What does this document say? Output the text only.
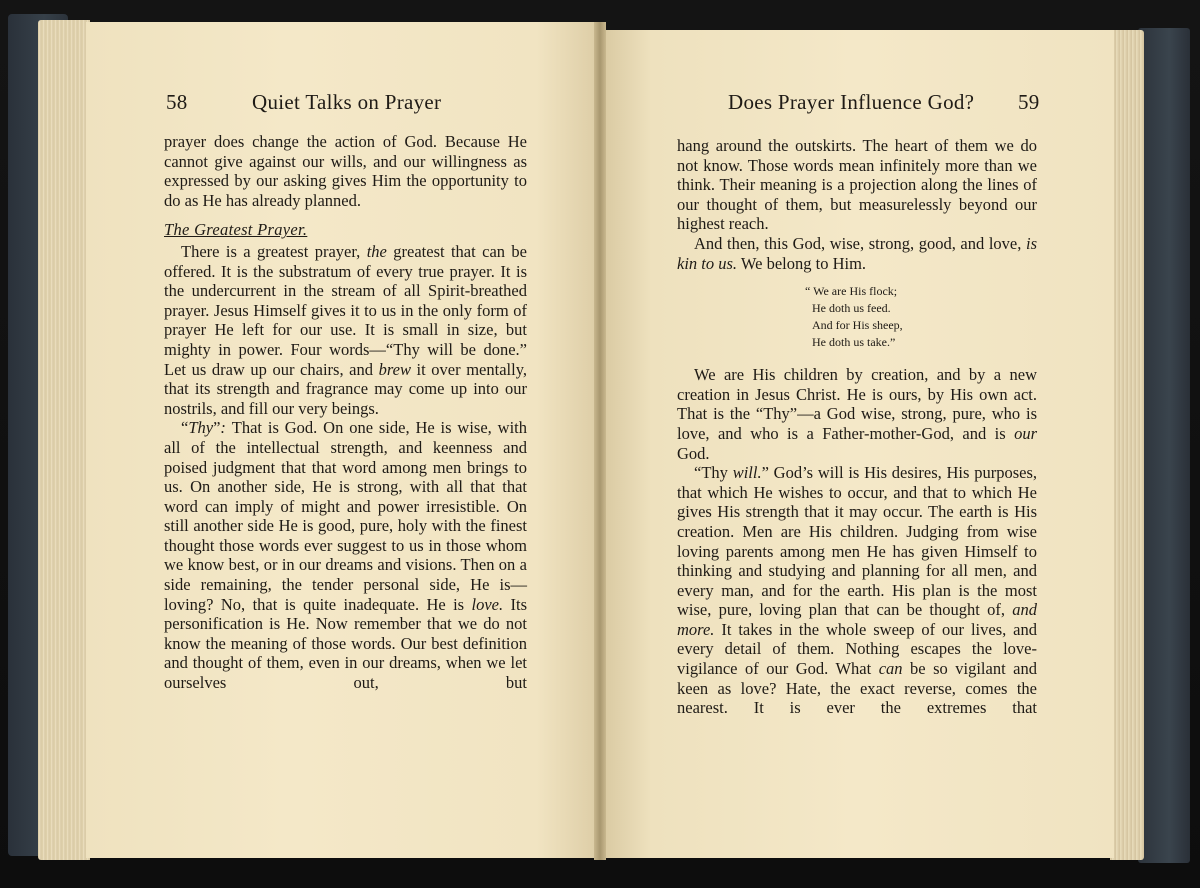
58	Quiet Talks on Prayer	Does Prayer Influence God? 59

prayer does change the action of God. Because He cannot give against our wills, and our willingness as expressed by our asking gives Him the opportunity to do as He has already planned.

The Greatest Prayer.

There is a greatest prayer, the greatest that can be offered. It is the substratum of every true prayer. It is the undercurrent in the stream of all Spirit-breathed prayer. Jesus Himself gives it to us in the only form of prayer He left for our use. It is small in size, but mighty in power. Four words—“Thy will be done.” Let us draw up our chairs, and brew it over mentally, that its strength and fragrance may come up into our nostrils, and fill our very beings.

“Thy”: That is God. On one side, He is wise, with all of the intellectual strength, and keenness and poised judgment that that word among men brings to us. On another side, He is strong, with all that that word can imply of might and power irresistible. On still another side He is good, pure, holy with the finest thought those words ever suggest to us in those whom we know best, or in our dreams and visions. Then on a side remaining, the tender personal side, He is—loving? No, that is quite inadequate. He is love. Its personification is He. Now remember that we do not know the meaning of those words. Our best definition and thought of them, even in our dreams, when we let ourselves out, but

hang around the outskirts. The heart of them we do not know. Those words mean infinitely more than we think. Their meaning is a projection along the lines of our thought of them, but measurelessly beyond our highest reach.

And then, this God, wise, strong, good, and love, is kin to us. We belong to Him.

“ We are His flock;
He doth us feed.
And for His sheep,
He doth us take.”

We are His children by creation, and by a new creation in Jesus Christ. He is ours, by His own act. That is the “Thy”—a God wise, strong, pure, who is love, and who is a Father-mother-God, and is our God.

“Thy will.” God’s will is His desires, His purposes, that which He wishes to occur, and that to which He gives His strength that it may occur. The earth is His creation. Men are His children. Judging from wise loving parents among men He has given Himself to thinking and studying and planning for all men, and every man, and for the earth. His plan is the most wise, pure, loving plan that can be thought of, and more. It takes in the whole sweep of our lives, and every detail of them. Nothing escapes the love-vigilance of our God. What can be so vigilant and keen as love? Hate, the exact reverse, comes the nearest. It is ever the extremes that
